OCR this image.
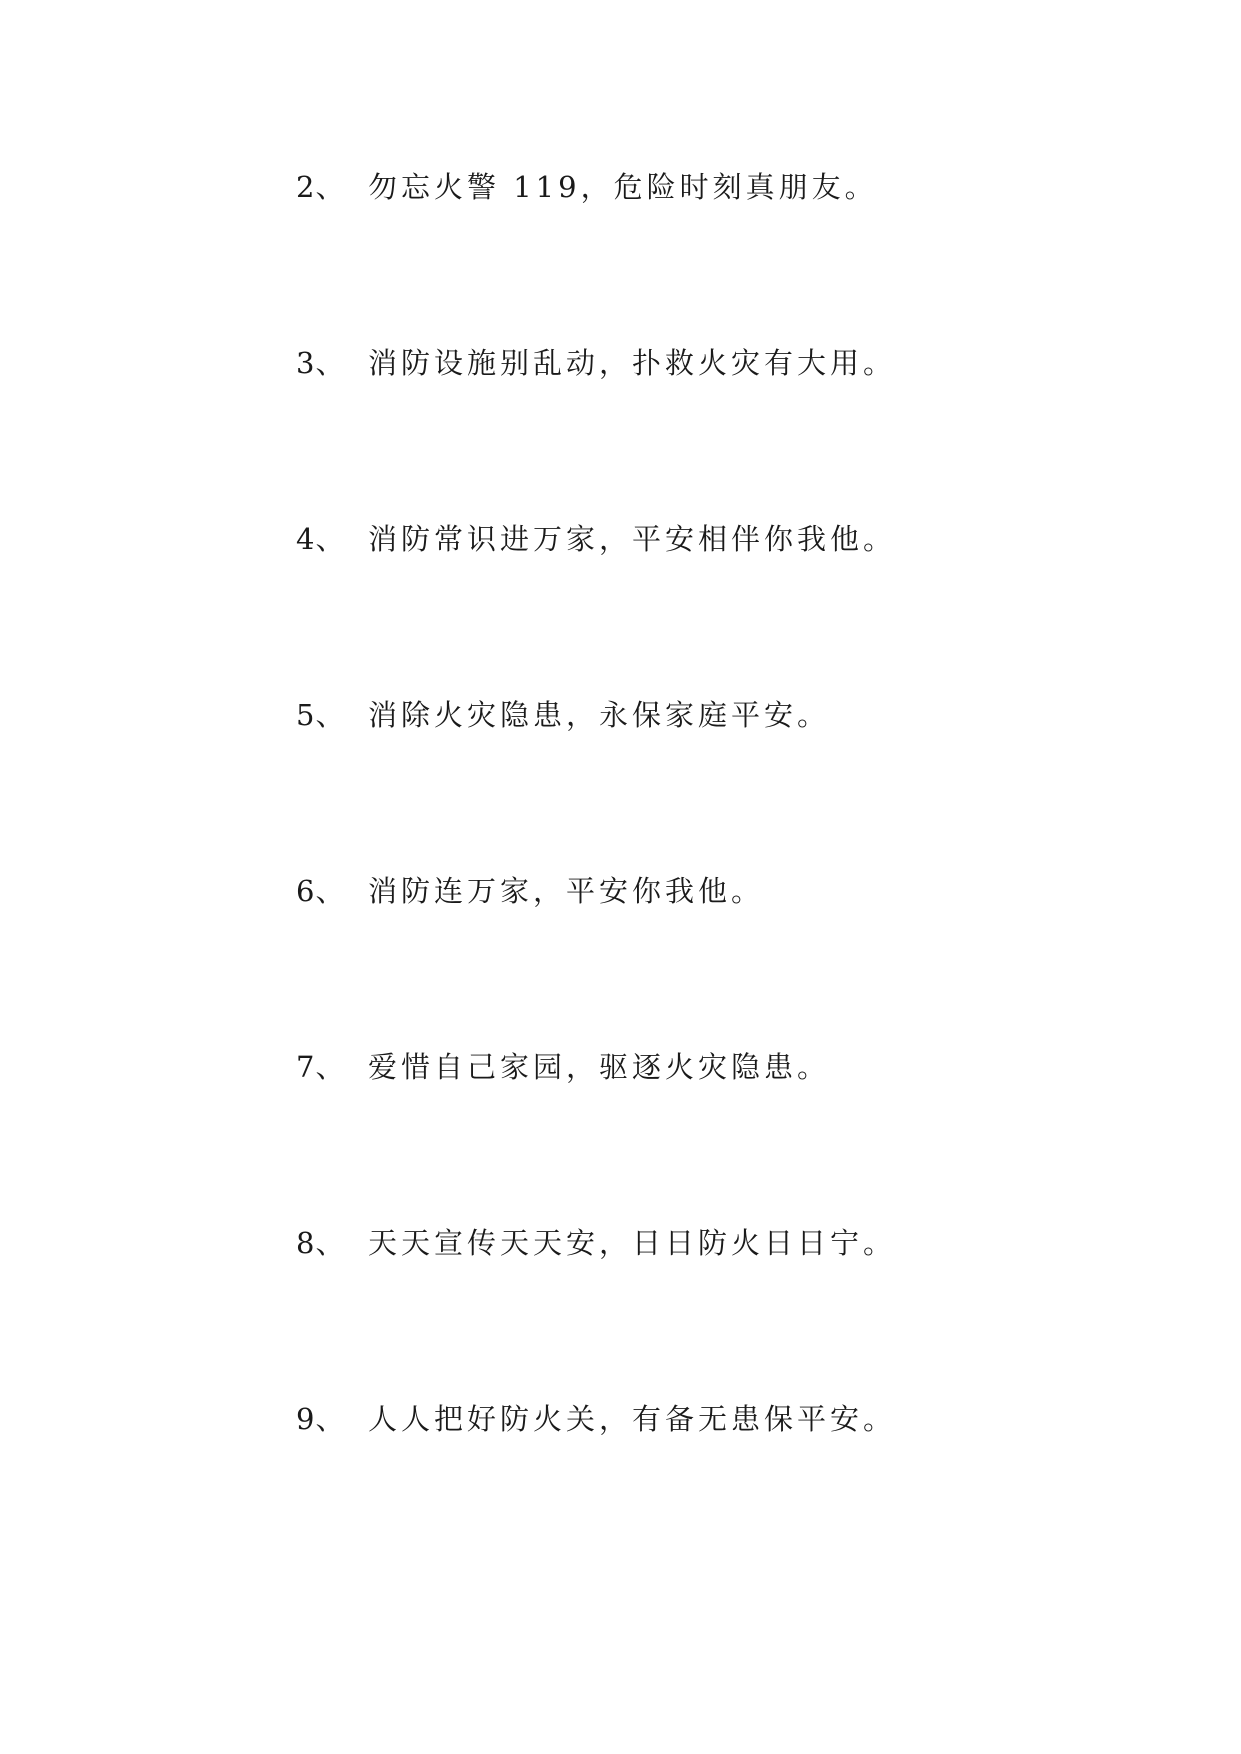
2、 勿忘火警 119，危险时刻真朋友。
3、 消防设施别乱动，扑救火灾有大用。
4、 消防常识进万家，平安相伴你我他。
5、 消除火灾隐患，永保家庭平安。
6、 消防连万家，平安你我他。
7、 爱惜自己家园，驱逐火灾隐患。
8、 天天宣传天天安，日日防火日日宁。
9、 人人把好防火关，有备无患保平安。
